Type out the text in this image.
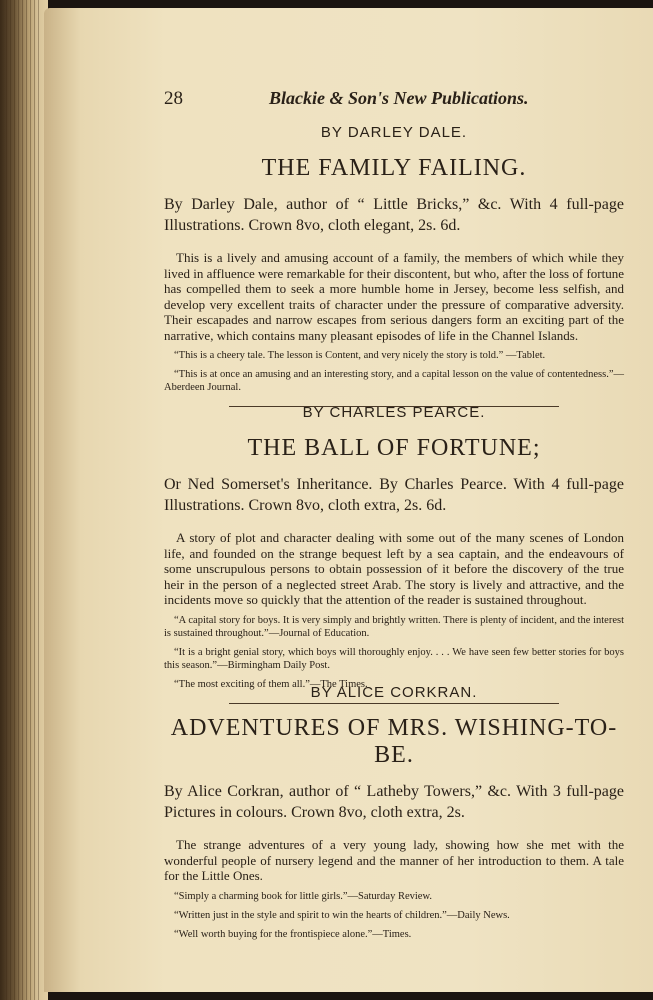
28	Blackie & Son's New Publications.
BY DARLEY DALE.
THE FAMILY FAILING.
By Darley Dale, author of “ Little Bricks,” &c. With 4 full-page Illustrations. Crown 8vo, cloth elegant, 2s. 6d.
This is a lively and amusing account of a family, the members of which while they lived in affluence were remarkable for their discontent, but who, after the loss of fortune has compelled them to seek a more humble home in Jersey, become less selfish, and develop very excellent traits of character under the pressure of comparative adversity. Their escapades and narrow escapes from serious dangers form an exciting part of the narrative, which contains many pleasant episodes of life in the Channel Islands.
“This is a cheery tale. The lesson is Content, and very nicely the story is told.” —Tablet.
“This is at once an amusing and an interesting story, and a capital lesson on the value of contentedness.”—Aberdeen Journal.
BY CHARLES PEARCE.
THE BALL OF FORTUNE;
Or Ned Somerset's Inheritance. By Charles Pearce. With 4 full-page Illustrations. Crown 8vo, cloth extra, 2s. 6d.
A story of plot and character dealing with some out of the many scenes of London life, and founded on the strange bequest left by a sea captain, and the endeavours of some unscrupulous persons to obtain possession of it before the discovery of the true heir in the person of a neglected street Arab. The story is lively and attractive, and the incidents move so quickly that the attention of the reader is sustained throughout.
“A capital story for boys. It is very simply and brightly written. There is plenty of incident, and the interest is sustained throughout.”—Journal of Education.
“It is a bright genial story, which boys will thoroughly enjoy. . . . We have seen few better stories for boys this season.”—Birmingham Daily Post.
“The most exciting of them all.”—The Times.
BY ALICE CORKRAN.
ADVENTURES OF MRS. WISHING-TO-BE.
By Alice Corkran, author of “ Latheby Towers,” &c. With 3 full-page Pictures in colours. Crown 8vo, cloth extra, 2s.
The strange adventures of a very young lady, showing how she met with the wonderful people of nursery legend and the manner of her introduction to them. A tale for the Little Ones.
“Simply a charming book for little girls.”—Saturday Review.
“Written just in the style and spirit to win the hearts of children.”—Daily News.
“Well worth buying for the frontispiece alone.”—Times.
